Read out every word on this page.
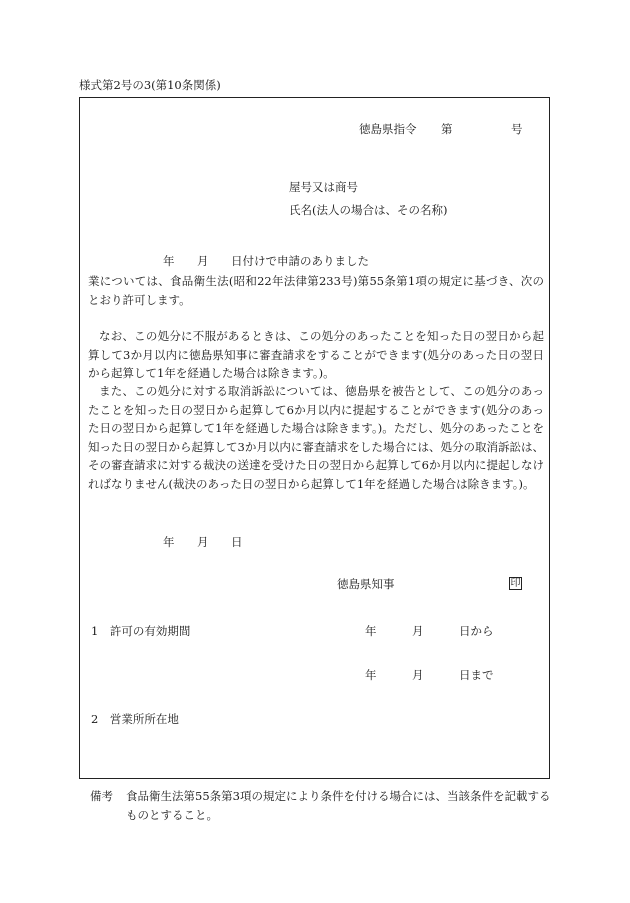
様式第2号の3(第10条関係)
徳島県指令 第	号
屋号又は商号
氏名(法人の場合は、その名称)
年 月 日付けで申請のありました
業については、食品衛生法(昭和22年法律第233号)第55条第1項の規定に基づき、次のとおり許可します。
なお、この処分に不服があるときは、この処分のあったことを知った日の翌日から起算して3か月以内に徳島県知事に審査請求をすることができます(処分のあった日の翌日から起算して1年を経過した場合は除きます。)。
また、この処分に対する取消訴訟については、徳島県を被告として、この処分のあったことを知った日の翌日から起算して6か月以内に提起することができます(処分のあった日の翌日から起算して1年を経過した場合は除きます。)。ただし、処分のあったことを知った日の翌日から起算して3か月以内に審査請求をした場合には、処分の取消訴訟は、その審査請求に対する裁決の送達を受けた日の翌日から起算して6か月以内に提起しなければなりません(裁決のあった日の翌日から起算して1年を経過した場合は除きます。)。
年 月 日
徳島県知事	印
1　許可の有効期間	年	月	日から
年	月	日まで
2　営業所所在地
備考 食品衛生法第55条第3項の規定により条件を付ける場合には、当該条件を記載するものとすること。
